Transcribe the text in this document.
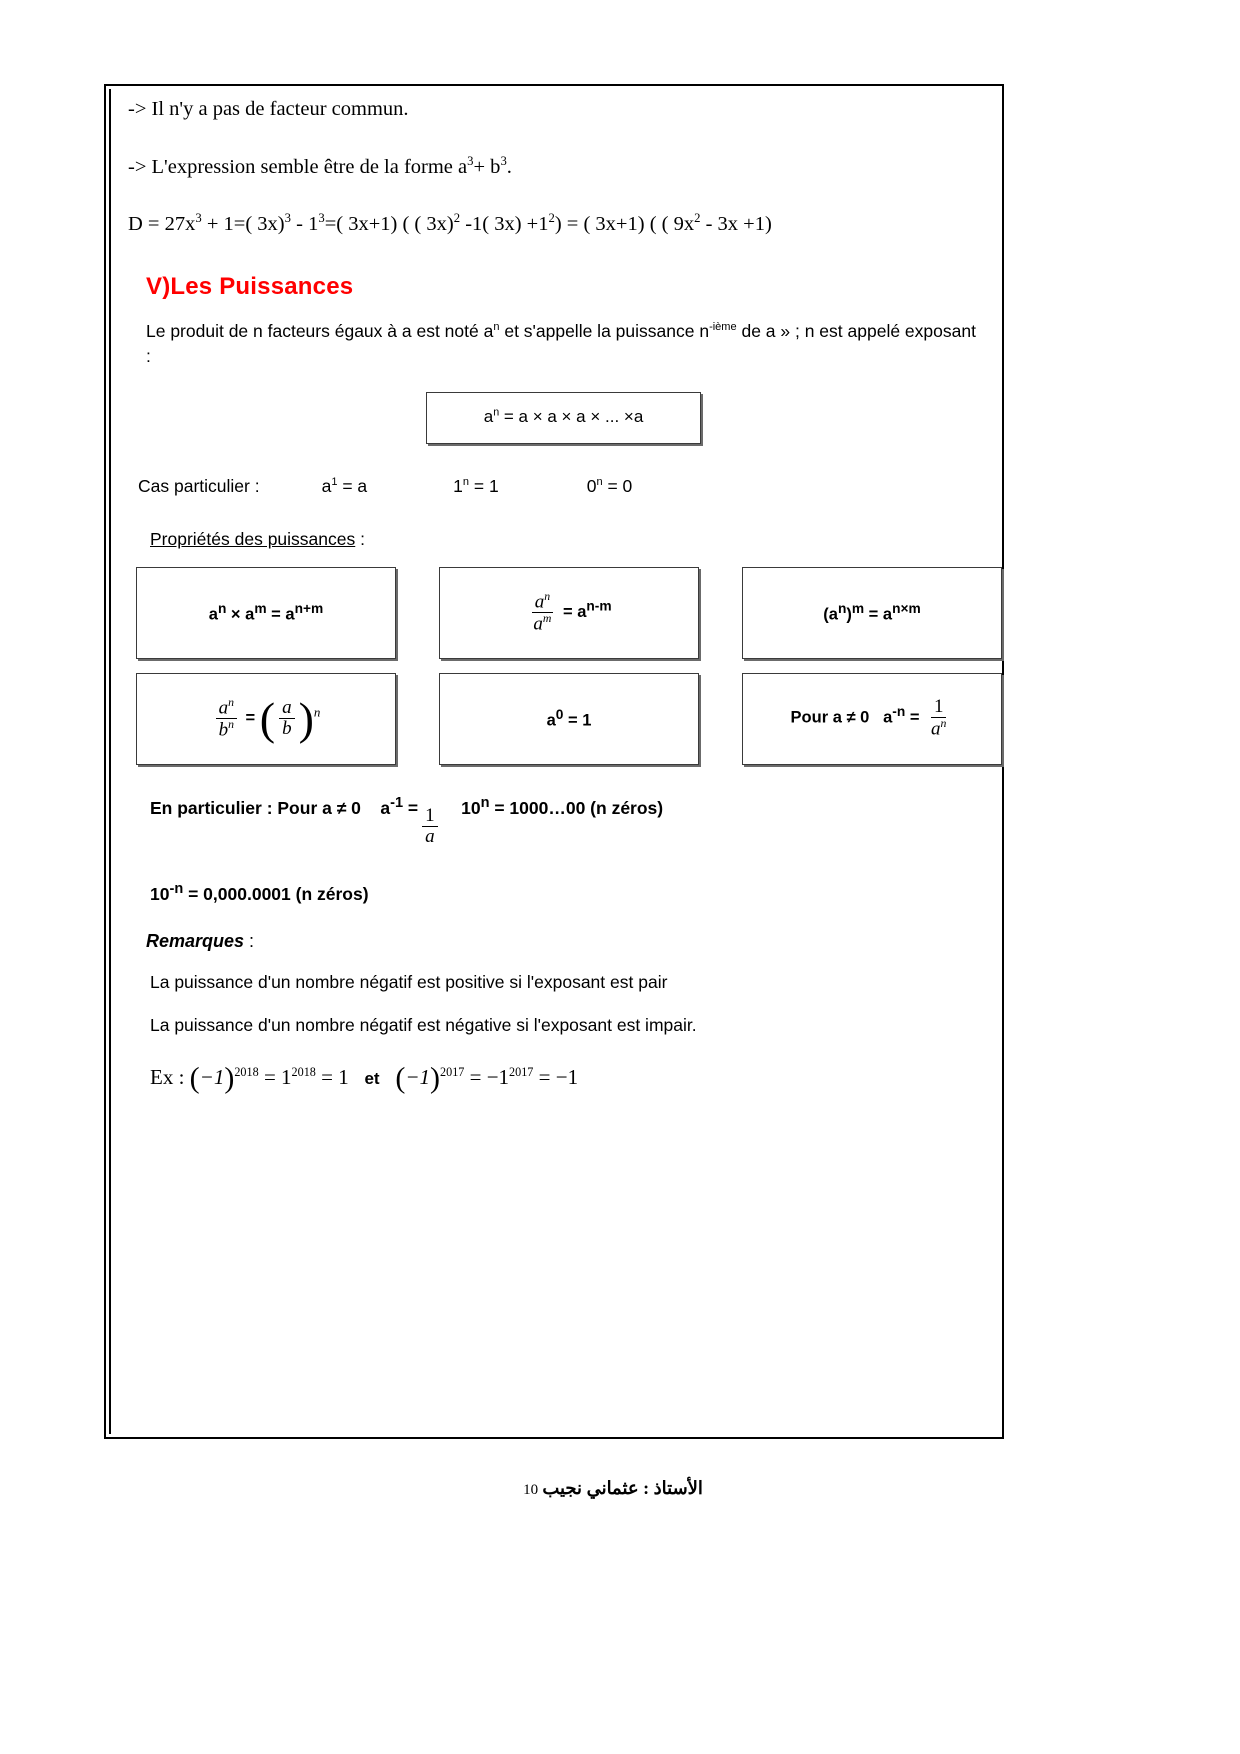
-> Il n'y a pas de facteur commun.

-> L'expression semble être de la forme $a^3+ b^3$.

$D = 27x^3 + 1=$( $3x)^3 - 1^3=$( 3x+1) ( ( 3x)$^2$ -1( $3x) +1^2$) = ( 3x+1) ( ( $9x^2 - 3x +1$)

V)Les Puissances
Le produit de n facteurs égaux à a est noté $a^n$ et s'appelle la puissance $n^{-ième}$ de a » ; n est appelé exposant :
$a^n = a \times a \times a$ × ... ×a
Cas particulier :	$a^1 = a$	$1^n = 1$	$0^n = 0$
Propriétés des puissances :
$a^n \times a^m = a^{n+m}$	$\frac{a^n}{a^m} = a^{n-m}$	$(a^n)^m = a^{n\times m}$
$\frac{a^n}{b^n}$ = ( $\frac{a}{b} )^n$	$a^0 = 1$	Pour a ≠ 0 $a^{-n} = \frac{1}{a^n}$
En particulier : Pour a ≠ 0 $a^{-1} = \frac{1}{a} 10^n$ = 1000…00 (n zéros)
$10^{-n} = 0,000.0001$ (n zéros)
Remarques :
La puissance d'un nombre négatif est positive si l'exposant est pair
La puissance d'un nombre négatif est négative si l'exposant est impair.
Ex : $(-1)^{2018} = 1^{2018} = 1$ et $(-1)^{2017} = -1^{2017} = -1$
10 الأستاذ : عثماني نجيب
